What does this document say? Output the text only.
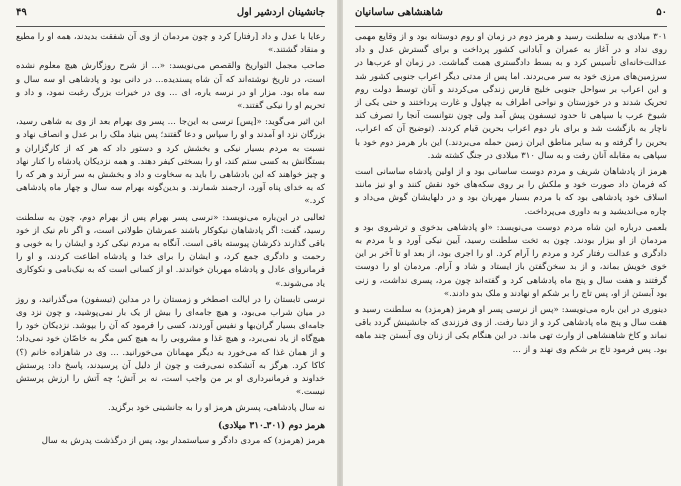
جانشینان اردشیر اول
۴۹

رعایا با عدل و داد [رفتار] کرد و چون مردمان از وی آن شفقت بدیدند، همه او را مطیع و منقاد گشتند.»

صاحب مجمل التواریخ والقصص می‌نویسد: «... از شرح روزگارش هیچ معلوم نشده است، در تاریخ نوشته‌اند که آن شاه پسندیده... در دانی بود و پادشاهی او سه سال و سه ماه بود. مزار او در نرسه یاره، ای ... وی در خیرات بزرگ رغبت نمود، و داد و تحریم او را نیکی گفتند.»

ابن اثیر می‌گوید: «[پس] نرسی به این‌جا ... پسر وی بهرام بعد از وی به شاهی رسید، بزرگان نزد او آمدند و او را سپاس و دعا گفتند؛ پس بنیاد ملک را بر عدل و انصاف نهاد و نسبت به مردم بسیار نیکی و بخشش کرد و دستور داد که هر که از کارگزاران و بستگانش به کسی ستم کند، او را بسختی کیفر دهند. و همه نزدیکان پادشاه را کنار نهاد و چیز خواهند که این بادشاهی را باید به سخاوت و داد و بخشش به سر آرند و هر که را که به خدای پناه آورد، ارجمند شمارند. و بدین‌گونه بهرام سه سال و چهار ماه پادشاهی کرد.»

ثعالبی در این‌باره می‌نویسد: «نرسی پسر بهرام پس از بهرام دوم، چون به سلطنت رسید، گفت: اگر پادشاهان نیکوکار باشند عمرشان طولانی است، و اگر نام نیک از خود باقی گذارند ذکرشان پیوسته باقی است. آنگاه به مردم نیکی کرد و ایشان را به خوبی و رحمت و دادگری جمع کرد، و ایشان را برای خدا و پادشاه اطاعت کردند، و او را فرمانروای عادل و پادشاه مهربان خواندند. او از کسانی است که به نیک‌نامی و نکوکاری یاد می‌شوند.»

نرسی تابستان را در ایالت اصطخر و زمستان را در مداین (تیسفون) می‌گذرانید، و روز در میان شراب می‌بود، و هیچ جامه‌ای را بیش از یک بار نمی‌پوشید، و چون نزد وی جامه‌ای بسیار گران‌بها و نفیس آوردند، کسی را فرمود که آن را بپوشد. نزدیکان خود را هیچ‌گاه از یاد نمی‌برد، و هیچ غذا و مشروبی را به هیچ کس مگر به خاصّان خود نمی‌داد؛ و از همان غذا که می‌خورد به دیگر مهمانان می‌خورانید. ... وی در شاهزاده خانم (؟) کاکا کرد. هرگز به آتشکده نمی‌رفت و چون از دلیل آن پرسیدند، پاسخ داد: پرستش خداوند و فرمانبرداری او بر من واجب است، نه بر آتش؛ چه آتش را ارزش پرستش نیست.»

نه سال پادشاهی، پسرش هرمز او را به جانشینی خود برگزید.

هرمز دوم (۳۰۱ـ۳۱۰ میلادی)

هرمز (هرمزد) که مردی دادگر و سیاستمدار بود، پس از درگذشت پدرش به سال

۵۰
شاهنشاهی ساسانیان

۳۰۱ میلادی به سلطنت رسید و هرمز دوم در زمان او روم دوستانه بود و از وقایع مهمی روی نداد و در آغاز به عمران و آبادانی کشور پرداخت و برای گسترش عدل و داد عدالت‌خانه‌ای تأسیس کرد و به بسط دادگستری همت گماشت. در زمان او عرب‌ها در سرزمین‌های مرزی خود به سر می‌بردند. اما پس از مدتی دیگر اعراب جنوبی کشور شد و این اعراب بر سواحل جنوبی خلیج فارس زندگی می‌کردند و آنان توسط دولت روم تحریک شدند و در خوزستان و نواحی اطراف به چپاول و غارت پرداختند و حتی یکی از شیوخ عرب با سپاهی تا حدود تیسفون پیش آمد ولی چون نتوانست آنجا را تصرف کند ناچار به بازگشت شد و برای بار دوم اعراب بحرین قیام کردند. (توضیح آن که اعراب، بحرین را گرفته و به سایر مناطق ایران زمین حمله می‌بردند.) این بار هرمز دوم خود با سپاهی به مقابله آنان رفت و به سال ۳۱۰ میلادی در جنگ کشته شد.

هرمز از پادشاهان شریف و مردم دوست ساسانی بود و از اولین پادشاه ساسانی است که فرمان داد صورت خود و ملکش را بر روی سکه‌های خود نقش کنند و او نیز مانند اسلاف خود پادشاهی بود که با مردم بسیار مهربان بود و در دلهایشان گوش می‌داد و چاره می‌اندیشید و به داوری می‌پرداخت.

بلعمی درباره این شاه مردم دوست می‌نویسد: «او پادشاهی بدخوی و ترشروی بود و مردمان از او بیزار بودند. چون به تخت سلطنت رسید، آیین نیکی آورد و با مردم به دادگری و عدالت رفتار کرد و مردم را آرام کرد. او را اجری بود، از بعد او تا آخر بر این خوی خویش بماند، و از بد سخن‌گفتن باز ایستاد و شاد و آرام. مردمان او را دوست گرفتند و هفت سال و پنج ماه پادشاهی کرد و گفته‌اند چون مرد، پسری نداشت، و زنی بود آبستن از او، پس تاج را بر شکم او نهادند و ملک بدو دادند.»

دینوری در این باره می‌نویسد: «پس از نرسی پسر او هرمز (هرمزد) به سلطنت رسید و هفت سال و پنج ماه پادشاهی کرد و از دنیا رفت. از وی فرزندی که جانشینش گردد باقی نماند و کاخ شاهنشاهی از وارث تهی ماند. در این هنگام یکی از زنان وی آبستن چند ماهه بود. پس فرمود تاج بر شکم وی نهند و از ...
